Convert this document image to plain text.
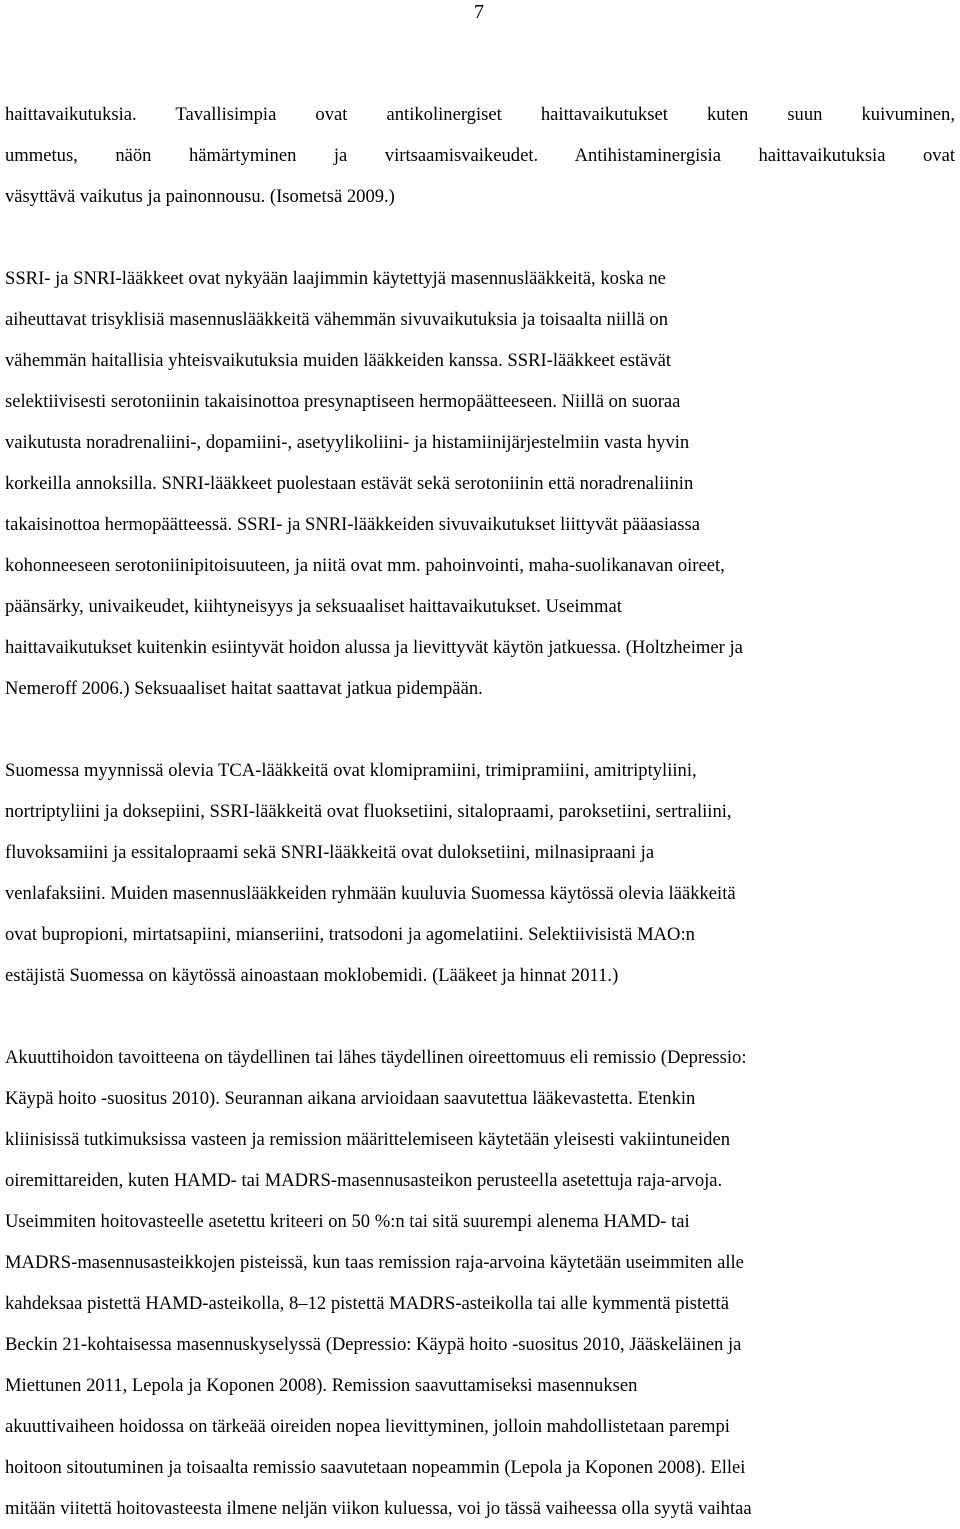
7
haittavaikutuksia. Tavallisimpia ovat antikolinergiset haittavaikutukset kuten suun kuivuminen,
ummetus, näön hämärtyminen ja virtsaamisvaikeudet. Antihistaminergisia haittavaikutuksia ovat
väsyttävä vaikutus ja painonnousu. (Isometsä 2009.)
SSRI- ja SNRI-lääkkeet ovat nykyään laajimmin käytettyjä masennuslääkkeitä, koska ne
aiheuttavat trisyklisiä masennuslääkkeitä vähemmän sivuvaikutuksia ja toisaalta niillä on
vähemmän haitallisia yhteisvaikutuksia muiden lääkkeiden kanssa. SSRI-lääkkeet estävät
selektiivisesti serotoniinin takaisinottoa presynaptiseen hermopäätteeseen. Niillä on suoraa
vaikutusta noradrenaliini-, dopamiini-, asetyylikoliini- ja histamiinijärjestelmiin vasta hyvin
korkeilla annoksilla. SNRI-lääkkeet puolestaan estävät sekä serotoniinin että noradrenaliinin
takaisinottoa hermopäätteessä. SSRI- ja SNRI-lääkkeiden sivuvaikutukset liittyvät pääasiassa
kohonneeseen serotoniinipitoisuuteen, ja niitä ovat mm. pahoinvointi, maha-suolikanavan oireet,
päänsärky, univaikeudet, kiihtyneisyys ja seksuaaliset haittavaikutukset. Useimmat
haittavaikutukset kuitenkin esiintyvät hoidon alussa ja lievittyvät käytön jatkuessa. (Holtzheimer ja
Nemeroff 2006.) Seksuaaliset haitat saattavat jatkua pidempään.
Suomessa myynnissä olevia TCA-lääkkeitä ovat klomipramiini, trimipramiini, amitriptyliini,
nortriptyliini ja doksepiini, SSRI-lääkkeitä ovat fluoksetiini, sitalopraami, paroksetiini, sertraliini,
fluvoksamiini ja essitalopraami sekä SNRI-lääkkeitä ovat duloksetiini, milnasipraani ja
venlafaksiini. Muiden masennuslääkkeiden ryhmään kuuluvia Suomessa käytössä olevia lääkkeitä
ovat bupropioni, mirtatsapiini, mianseriini, tratsodoni ja agomelatiini. Selektiivisistä MAO:n
estäjistä Suomessa on käytössä ainoastaan moklobemidi. (Lääkeet ja hinnat 2011.)
Akuuttihoidon tavoitteena on täydellinen tai lähes täydellinen oireettomuus eli remissio (Depressio:
Käypä hoito -suositus 2010). Seurannan aikana arvioidaan saavutettua lääkevastetta. Etenkin
kliinisissä tutkimuksissa vasteen ja remission määrittelemiseen käytetään yleisesti vakiintuneiden
oiremittareiden, kuten HAMD- tai MADRS-masennusasteikon perusteella asetettuja raja-arvoja.
Useimmiten hoitovasteelle asetettu kriteeri on 50 %:n tai sitä suurempi alenema HAMD- tai
MADRS-masennusasteikkojen pisteissä, kun taas remission raja-arvoina käytetään useimmiten alle
kahdeksaa pistettä HAMD-asteikolla, 8–12 pistettä MADRS-asteikolla tai alle kymmentä pistettä
Beckin 21-kohtaisessa masennuskyselyssä (Depressio: Käypä hoito -suositus 2010, Jääskeläinen ja
Miettunen 2011, Lepola ja Koponen 2008). Remission saavuttamiseksi masennuksen
akuuttivaiheen hoidossa on tärkeää oireiden nopea lievittyminen, jolloin mahdollistetaan parempi
hoitoon sitoutuminen ja toisaalta remissio saavutetaan nopeammin (Lepola ja Koponen 2008). Ellei
mitään viitettä hoitovasteesta ilmene neljän viikon kuluessa, voi jo tässä vaiheessa olla syytä vaihtaa
